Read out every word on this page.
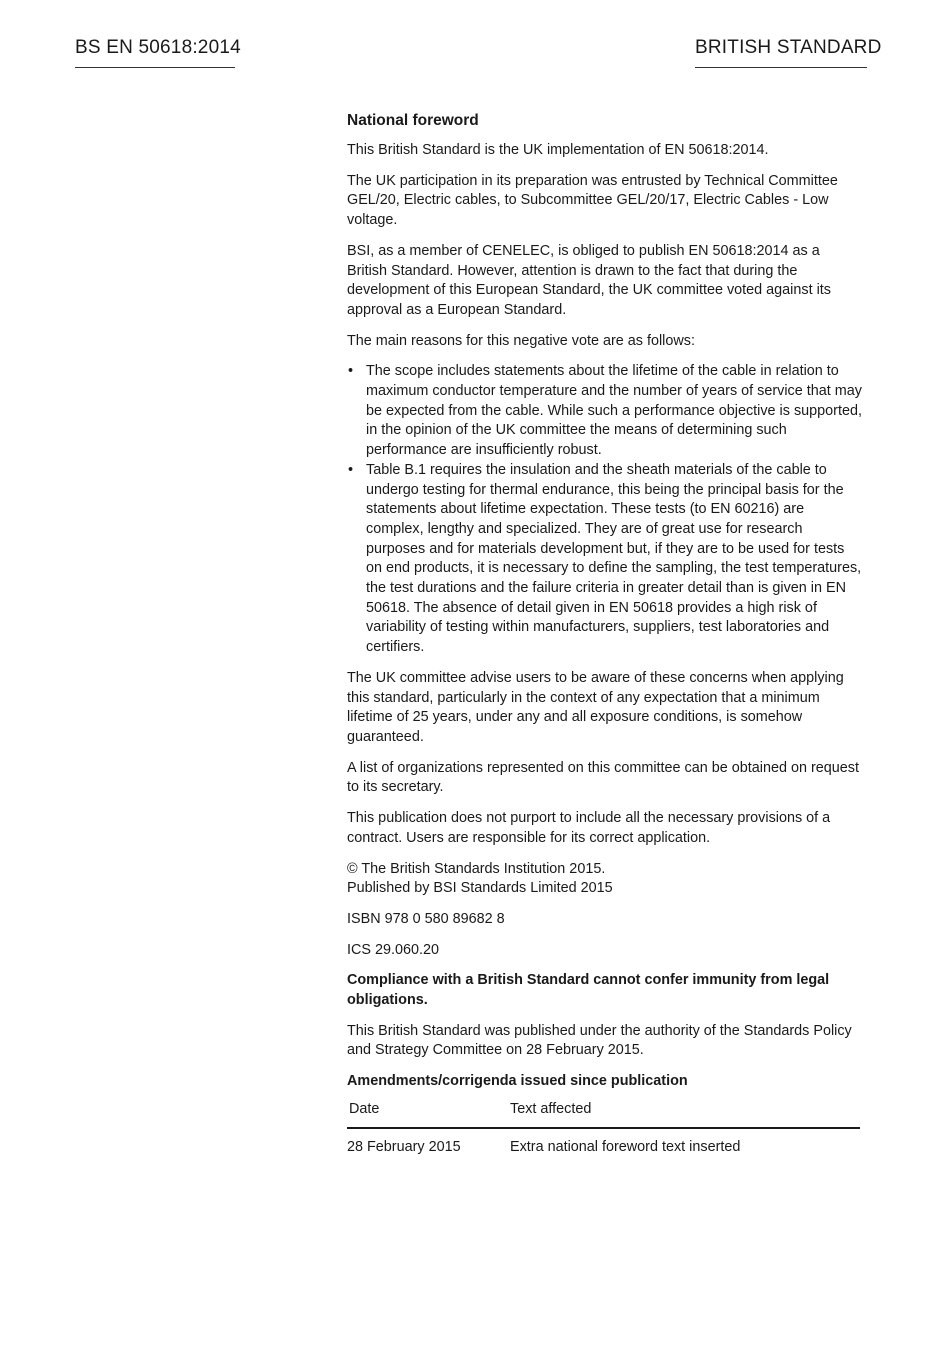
BS EN 50618:2014	BRITISH STANDARD
National foreword

This British Standard is the UK implementation of EN 50618:2014.

The UK participation in its preparation was entrusted by Technical Committee GEL/20, Electric cables, to Subcommittee GEL/20/17, Electric Cables - Low voltage.

BSI, as a member of CENELEC, is obliged to publish EN 50618:2014 as a British Standard. However, attention is drawn to the fact that during the development of this European Standard, the UK committee voted against its approval as a European Standard.

The main reasons for this negative vote are as follows:

• The scope includes statements about the lifetime of the cable in relation to maximum conductor temperature and the number of years of service that may be expected from the cable. While such a performance objective is supported, in the opinion of the UK committee the means of determining such performance are insufficiently robust.
• Table B.1 requires the insulation and the sheath materials of the cable to undergo testing for thermal endurance, this being the principal basis for the statements about lifetime expectation. These tests (to EN 60216) are complex, lengthy and specialized. They are of great use for research purposes and for materials development but, if they are to be used for tests on end products, it is necessary to define the sampling, the test temperatures, the test durations and the failure criteria in greater detail than is given in EN 50618. The absence of detail given in EN 50618 provides a high risk of variability of testing within manufacturers, suppliers, test laboratories and certifiers.

The UK committee advise users to be aware of these concerns when applying this standard, particularly in the context of any expectation that a minimum lifetime of 25 years, under any and all exposure conditions, is somehow guaranteed.

A list of organizations represented on this committee can be obtained on request to its secretary.

This publication does not purport to include all the necessary provisions of a contract. Users are responsible for its correct application.

© The British Standards Institution 2015.
Published by BSI Standards Limited 2015

ISBN 978 0 580 89682 8

ICS 29.060.20

Compliance with a British Standard cannot confer immunity from legal obligations.

This British Standard was published under the authority of the Standards Policy and Strategy Committee on 28 February 2015.

Amendments/corrigenda issued since publication
Date	Text affected
28 February 2015	Extra national foreword text inserted
